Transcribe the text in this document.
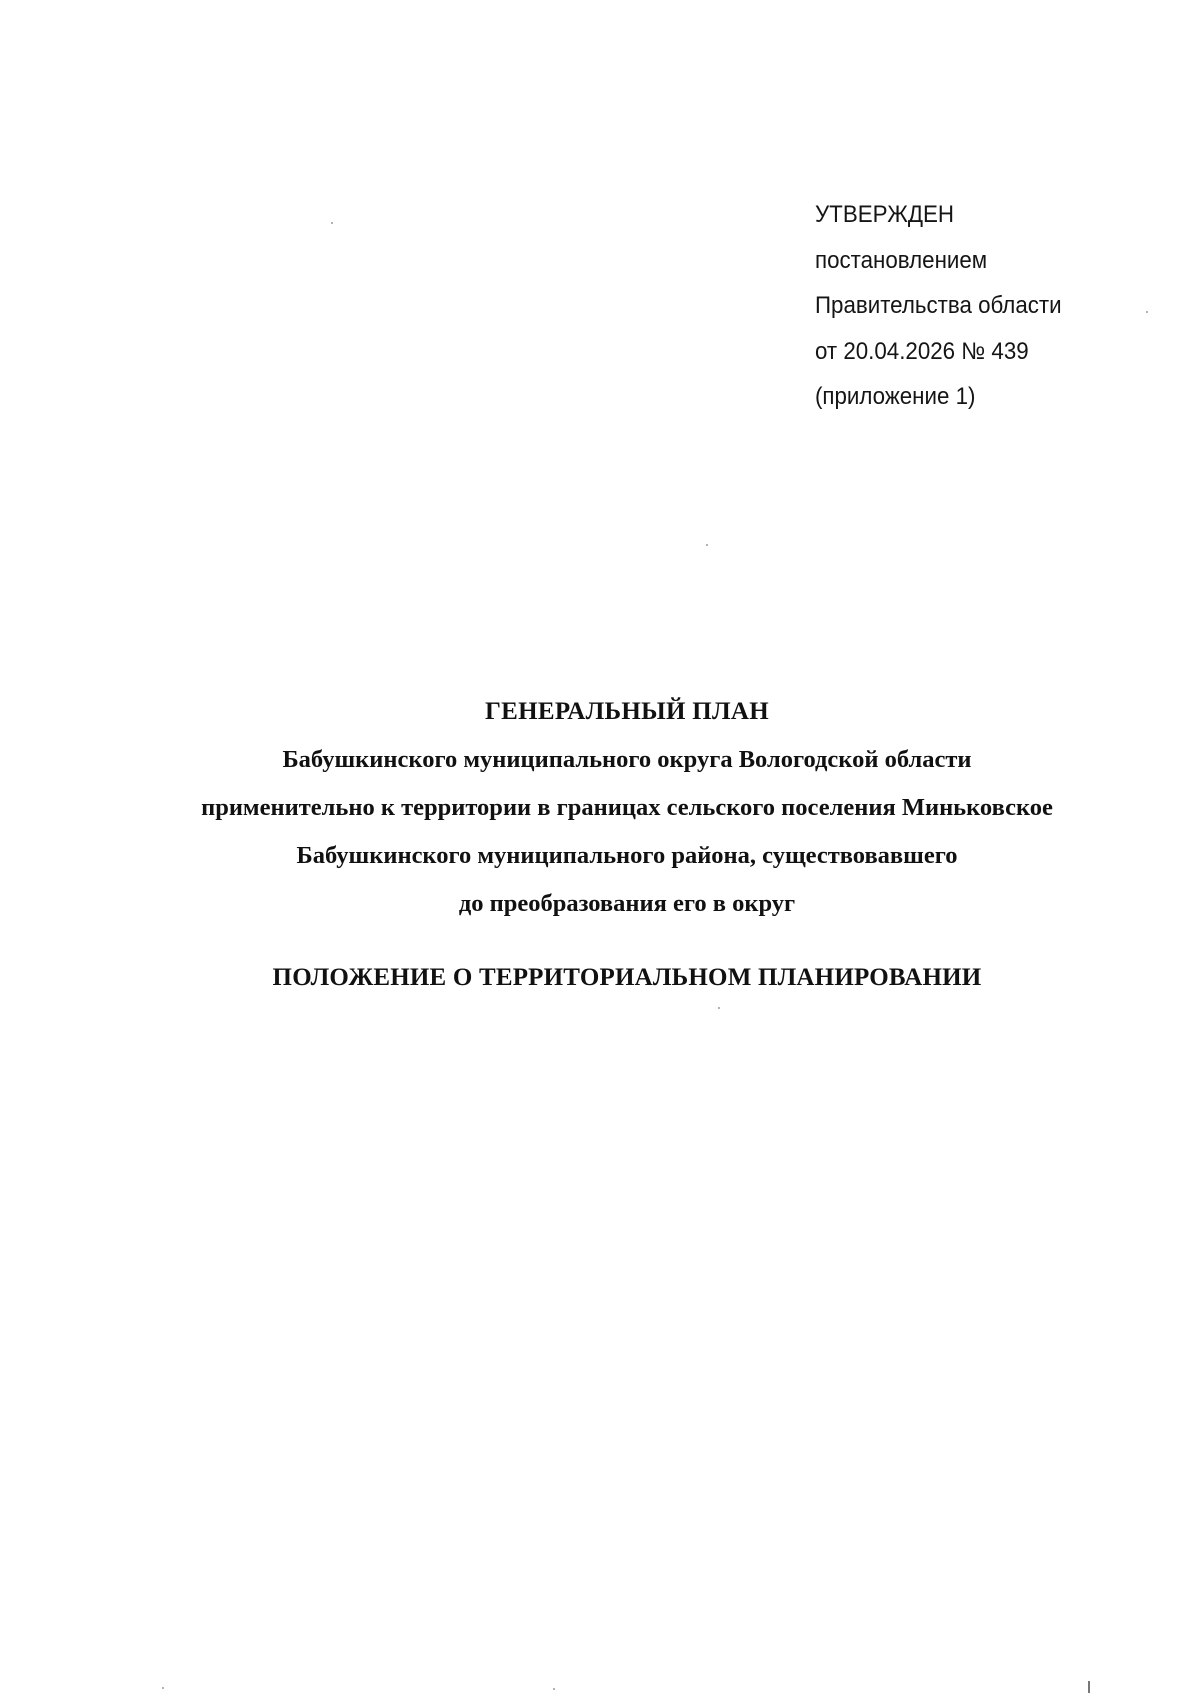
УТВЕРЖДЕН
постановлением
Правительства области
от 20.04.2026 № 439
(приложение 1)
ГЕНЕРАЛЬНЫЙ ПЛАН
Бабушкинского муниципального округа Вологодской области
применительно к территории в границах сельского поселения Миньковское
Бабушкинского муниципального района, существовавшего
до преобразования его в округ
ПОЛОЖЕНИЕ О ТЕРРИТОРИАЛЬНОМ ПЛАНИРОВАНИИ
